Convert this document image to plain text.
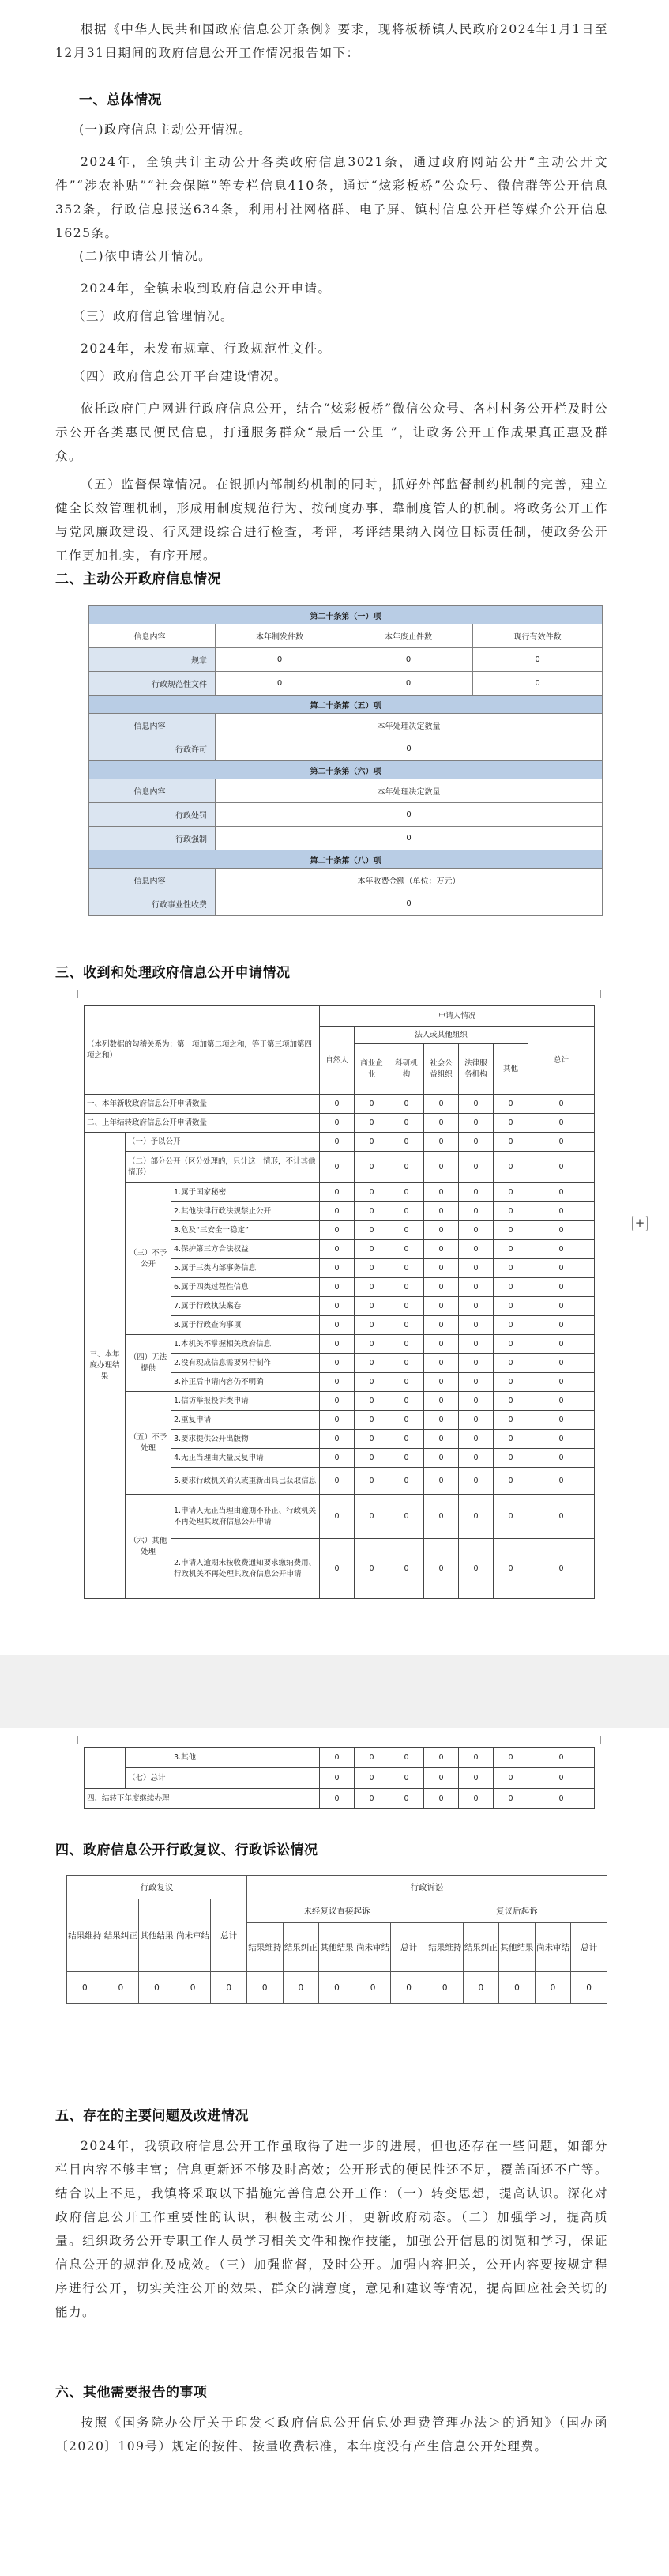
根据《中华人民共和国政府信息公开条例》要求，现将板桥镇人民政府2024年1月1日至12月31日期间的政府信息公开工作情况报告如下：
一、总体情况
(一)政府信息主动公开情况。
2024年，全镇共计主动公开各类政府信息3021条，通过政府网站公开“主动公开文件”“涉农补贴”“社会保障”等专栏信息410条，通过“炫彩板桥”公众号、微信群等公开信息352条，行政信息报送634条，利用村社网格群、电子屏、镇村信息公开栏等媒介公开信息1625条。
(二)依申请公开情况。
2024年，全镇未收到政府信息公开申请。
（三）政府信息管理情况。
2024年，未发布规章、行政规范性文件。
（四）政府信息公开平台建设情况。
依托政府门户网进行政府信息公开，结合“炫彩板桥”微信公众号、各村村务公开栏及时公示公开各类惠民便民信息，打通服务群众“最后一公里 ”，让政务公开工作成果真正惠及群众。
（五）监督保障情况。在银抓内部制约机制的同时，抓好外部监督制约机制的完善，建立健全长效管理机制，形成用制度规范行为、按制度办事、靠制度管人的机制。将政务公开工作与党风廉政建设、行风建设综合进行检查，考评，考评结果纳入岗位目标责任制，使政务公开工作更加扎实，有序开展。
二、主动公开政府信息情况
第二十条第（一）项			
信息内容	本年制发件数	本年废止件数	现行有效件数
规章	0	0	0
行政规范性文件	0	0	0
第二十条第（五）项			
信息内容	本年处理决定数量		
行政许可	0		
第二十条第（六）项			
信息内容	本年处理决定数量		
行政处罚	0		
行政强制	0		
第二十条第（八）项			
信息内容	本年收费金额（单位：万元）		
行政事业性收费	0		
三、收到和处理政府信息公开申请情况
（本列数据的勾稽关系为：第一项加第二项之和，等于第三项加第四项之和）			申请人情况						
			自然人	法人或其他组织					总计
				商业企业	科研机构	社会公益组织	法律服务机构	其他	
一、本年新收政府信息公开申请数量			0	0	0	0	0	0	0
二、上年结转政府信息公开申请数量			0	0	0	0	0	0	0
三、本年度办理结果	（一）予以公开		0	0	0	0	0	0	0
	（二）部分公开（区分处理的，只计这一情形，不计其他情形）		0	0	0	0	0	0	0
	（三）不予公开	1.属于国家秘密	0	0	0	0	0	0	0
		2.其他法律行政法规禁止公开	0	0	0	0	0	0	0
		3.危及“三安全一稳定”	0	0	0	0	0	0	0
		4.保护第三方合法权益	0	0	0	0	0	0	0
		5.属于三类内部事务信息	0	0	0	0	0	0	0
		6.属于四类过程性信息	0	0	0	0	0	0	0
		7.属于行政执法案卷	0	0	0	0	0	0	0
		8.属于行政查询事项	0	0	0	0	0	0	0
	（四）无法提供	1.本机关不掌握相关政府信息	0	0	0	0	0	0	0
		2.没有现成信息需要另行制作	0	0	0	0	0	0	0
		3.补正后申请内容仍不明确	0	0	0	0	0	0	0
	（五）不予处理	1.信访举报投诉类申请	0	0	0	0	0	0	0
		2.重复申请	0	0	0	0	0	0	0
		3.要求提供公开出版物	0	0	0	0	0	0	0
		4.无正当理由大量反复申请	0	0	0	0	0	0	0
		5.要求行政机关确认或重新出具已获取信息	0	0	0	0	0	0	0
	（六）其他处理	1.申请人无正当理由逾期不补正、行政机关不再处理其政府信息公开申请	0	0	0	0	0	0	0
		2.申请人逾期未按收费通知要求缴纳费用、行政机关不再处理其政府信息公开申请	0	0	0	0	0	0	0
+
		3.其他	0	0	0	0	0	0	0
	（七）总计		0	0	0	0	0	0	0
四、结转下年度继续办理			0	0	0	0	0	0	0
四、政府信息公开行政复议、行政诉讼情况
行政复议					行政诉讼									
结果维持	结果纠正	其他结果	尚未审结	总计	未经复议直接起诉					复议后起诉				
					结果维持	结果纠正	其他结果	尚未审结	总计	结果维持	结果纠正	其他结果	尚未审结	总计
0	0	0	0	0	0	0	0	0	0	0	0	0	0	0
五、存在的主要问题及改进情况
2024年，我镇政府信息公开工作虽取得了进一步的进展，但也还存在一些问题，如部分栏目内容不够丰富；信息更新还不够及时高效；公开形式的便民性还不足，覆盖面还不广等。结合以上不足，我镇将采取以下措施完善信息公开工作：（一）转变思想，提高认识。深化对政府信息公开工作重要性的认识，积极主动公开，更新政府动态。（二）加强学习，提高质量。组织政务公开专职工作人员学习相关文件和操作技能，加强公开信息的浏览和学习，保证信息公开的规范化及成效。（三）加强监督，及时公开。加强内容把关，公开内容要按规定程序进行公开，切实关注公开的效果、群众的满意度，意见和建议等情况，提高回应社会关切的能力。
六、其他需要报告的事项
按照《国务院办公厅关于印发＜政府信息公开信息处理费管理办法＞的通知》（国办函〔2020〕109号）规定的按件、按量收费标准，本年度没有产生信息公开处理费。
